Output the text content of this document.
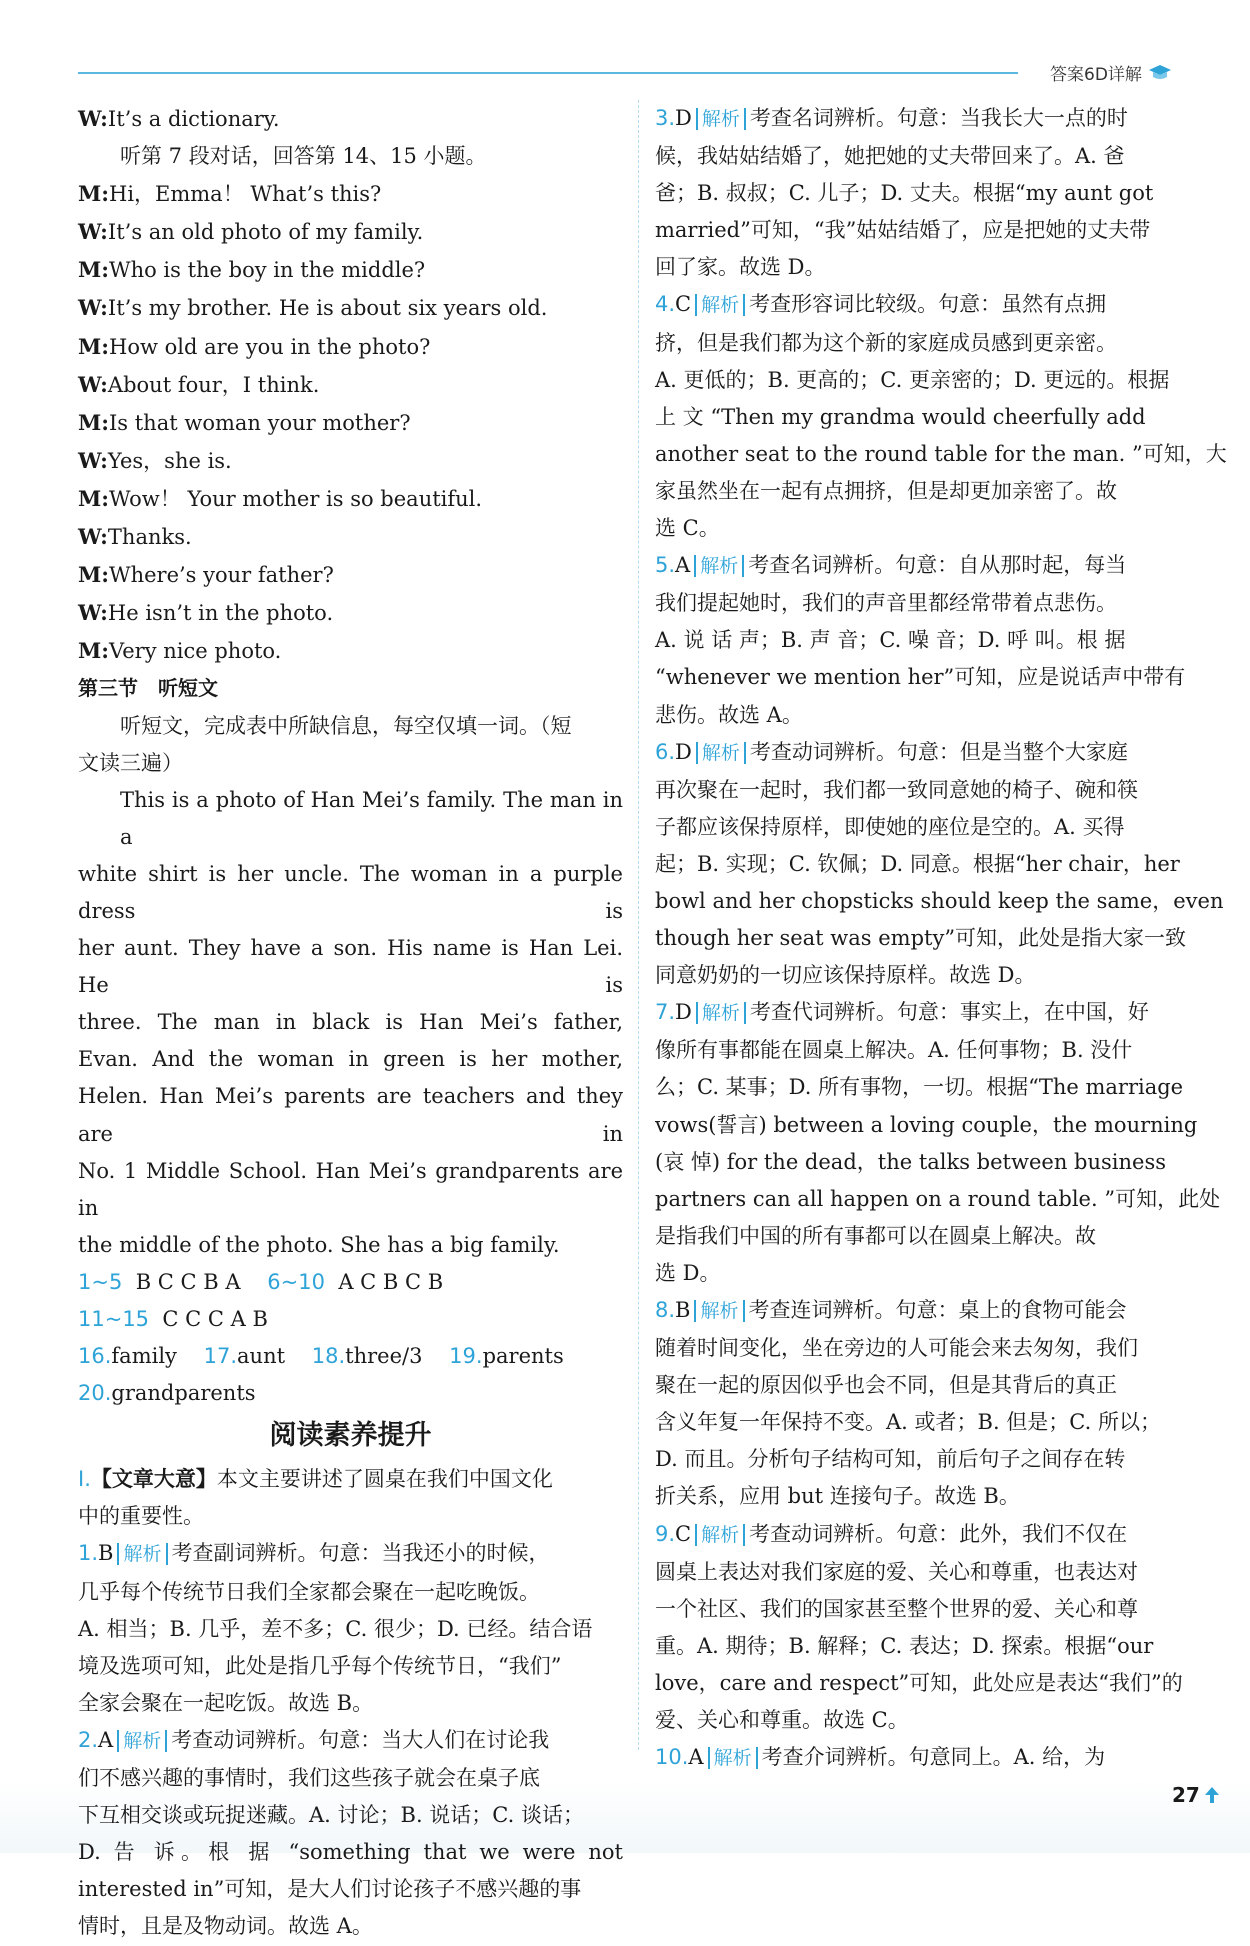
答案6D详解
W:It’s a dictionary.
听第 7 段对话，回答第 14、15 小题。
M:Hi，Emma！ What’s this?
W:It’s an old photo of my family.
M:Who is the boy in the middle?
W:It’s my brother. He is about six years old.
M:How old are you in the photo?
W:About four，I think.
M:Is that woman your mother?
W:Yes，she is.
M:Wow！ Your mother is so beautiful.
W:Thanks.
M:Where’s your father?
W:He isn’t in the photo.
M:Very nice photo.
第三节　听短文
听短文，完成表中所缺信息，每空仅填一词。（短
文读三遍）
This is a photo of Han Mei’s family. The man in a
white shirt is her uncle. The woman in a purple dress is
her aunt. They have a son. His name is Han Lei. He is
three. The man in black is Han Mei’s father,
Evan. And the woman in green is her mother,
Helen. Han Mei’s parents are teachers and they are in
No. 1 Middle School. Han Mei’s grandparents are in
the middle of the photo. She has a big family.
1~5 B C C B A 6~10 A C B C B
11~15 C C C A B
16.family 17.aunt 18.three/3 19.parents
20.grandparents
阅读素养提升
Ⅰ.【文章大意】本文主要讲述了圆桌在我们中国文化
中的重要性。
1.B 解析 考查副词辨析。句意：当我还小的时候，
几乎每个传统节日我们全家都会聚在一起吃晚饭。
A. 相当；B. 几乎，差不多；C. 很少；D. 已经。结合语
境及选项可知，此处是指几乎每个传统节日，“我们”
全家会聚在一起吃饭。故选 B。
2.A 解析 考查动词辨析。句意：当大人们在讨论我
们不感兴趣的事情时，我们这些孩子就会在桌子底
下互相交谈或玩捉迷藏。A. 讨论；B. 说话；C. 谈话；
D. 告 诉。根 据 “something that we were not
interested in”可知，是大人们讨论孩子不感兴趣的事
情时，且是及物动词。故选 A。
3.D 解析 考查名词辨析。句意：当我长大一点的时
候，我姑姑结婚了，她把她的丈夫带回来了。A. 爸
爸；B. 叔叔；C. 儿子；D. 丈夫。根据“my aunt got
married”可知，“我”姑姑结婚了，应是把她的丈夫带
回了家。故选 D。
4.C 解析 考查形容词比较级。句意：虽然有点拥
挤，但是我们都为这个新的家庭成员感到更亲密。
A. 更低的；B. 更高的；C. 更亲密的；D. 更远的。根据
上 文 “Then my grandma would cheerfully add
another seat to the round table for the man. ”可知，大
家虽然坐在一起有点拥挤，但是却更加亲密了。故
选 C。
5.A 解析 考查名词辨析。句意：自从那时起，每当
我们提起她时，我们的声音里都经常带着点悲伤。
A. 说 话 声；B. 声 音；C. 噪 音；D. 呼 叫。根 据
“whenever we mention her”可知，应是说话声中带有
悲伤。故选 A。
6.D 解析 考查动词辨析。句意：但是当整个大家庭
再次聚在一起时，我们都一致同意她的椅子、碗和筷
子都应该保持原样，即使她的座位是空的。A. 买得
起；B. 实现；C. 钦佩；D. 同意。根据“her chair，her
bowl and her chopsticks should keep the same，even
though her seat was empty”可知，此处是指大家一致
同意奶奶的一切应该保持原样。故选 D。
7.D 解析 考查代词辨析。句意：事实上，在中国，好
像所有事都能在圆桌上解决。A. 任何事物；B. 没什
么；C. 某事；D. 所有事物，一切。根据“The marriage
vows(誓言) between a loving couple，the mourning
(哀 悼) for the dead，the talks between business
partners can all happen on a round table. ”可知，此处
是指我们中国的所有事都可以在圆桌上解决。故
选 D。
8.B 解析 考查连词辨析。句意：桌上的食物可能会
随着时间变化，坐在旁边的人可能会来去匆匆，我们
聚在一起的原因似乎也会不同，但是其背后的真正
含义年复一年保持不变。A. 或者；B. 但是；C. 所以；
D. 而且。分析句子结构可知，前后句子之间存在转
折关系，应用 but 连接句子。故选 B。
9.C 解析 考查动词辨析。句意：此外，我们不仅在
圆桌上表达对我们家庭的爱、关心和尊重，也表达对
一个社区、我们的国家甚至整个世界的爱、关心和尊
重。A. 期待；B. 解释；C. 表达；D. 探索。根据“our
love，care and respect”可知，此处应是表达“我们”的
爱、关心和尊重。故选 C。
10.A 解析 考查介词辨析。句意同上。A. 给，为
27
